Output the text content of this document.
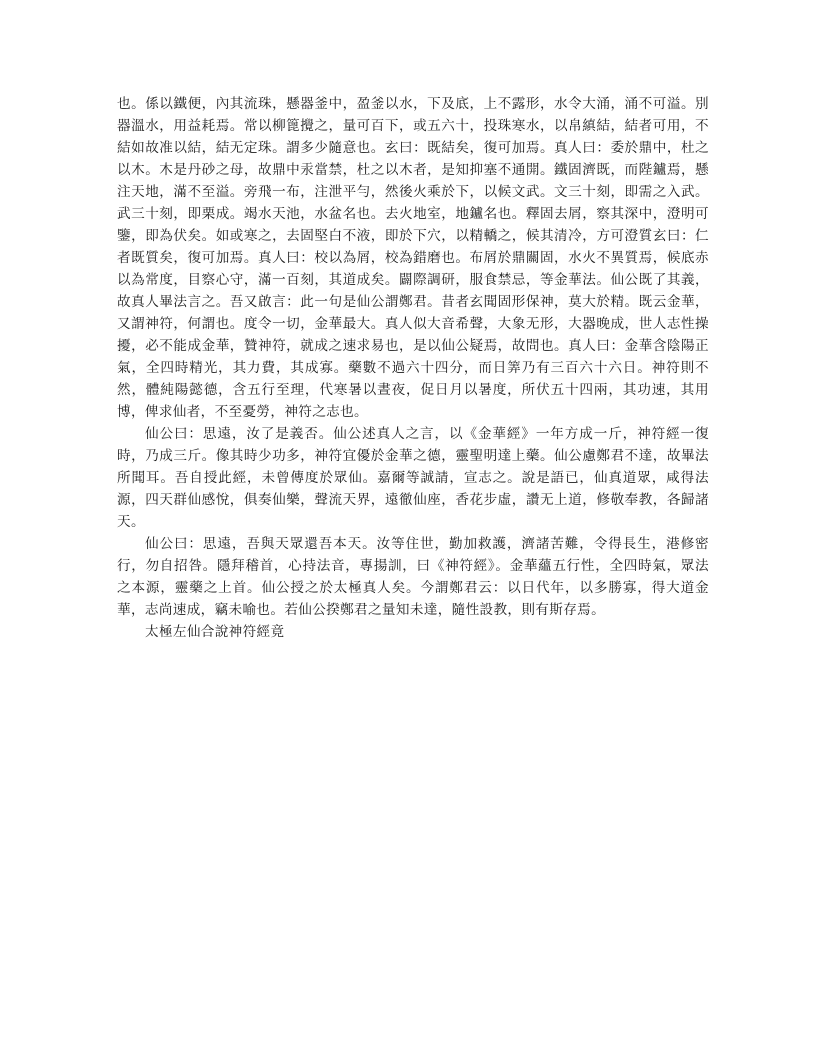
也。係以鐵便，內其流珠，懸器釜中，盈釜以水，下及底，上不露形，水令大涌，涌不可溢。別器溫水，用益耗焉。常以柳篦攪之，量可百下，或五六十，投珠寒水，以帛縝結，結者可用，不結如故准以結，結无定珠。謂多少隨意也。玄曰：既結矣，復可加焉。真人曰：委於鼎中，杜之以木。木是丹砂之母，故鼎中汞當禁，杜之以木者，是知抑塞不通開。鐵固濟既，而陛鑪焉，懸注天地，滿不至溢。旁飛一布，注泄平勻，然後火乘於下，以候文武。文三十刻，即需之入武。武三十刻，即栗成。竭水天池，水盆名也。去火地室，地鑪名也。釋固去屑，察其深中，澄明可鑒，即為伏矣。如或寒之，去固堅白不液，即於下穴，以精轎之，候其清冷，方可澄質玄曰：仁者既質矣，復可加焉。真人曰：校以為屑，校為錯磨也。布屑於鼎關固，水火不異質焉，候底赤以為常度，目察心守，滿一百刻，其道成矣。闢際調研，服食禁忌，等金華法。仙公既了其義，故真人畢法言之。吾又啟言：此一句是仙公謂鄭君。昔者玄聞固形保神，莫大於精。既云金華，又謂神符，何謂也。度令一切，金華最大。真人似大音希聲，大象无形，大器晚成，世人志性操擾，必不能成金華，贊神符，就成之速求易也，是以仙公疑焉，故問也。真人曰：金華含陰陽正氣，全四時精光，其力費，其成寡。藥數不過六十四分，而日筭乃有三百六十六日。神符則不然，體純陽懿德，含五行至理，代寒暑以晝夜，促日月以暑度，所伏五十四兩，其功速，其用博，俾求仙者，不至憂勞，神符之志也。

仙公曰：思遠，汝了是義否。仙公述真人之言，以《金華經》一年方成一斤，神符經一復時，乃成三斤。像其時少功多，神符宜優於金華之德，靈聖明達上藥。仙公慮鄭君不達，故畢法所聞耳。吾自授此經，未曾傳度於眾仙。嘉爾等誠請，宣志之。說是語已，仙真道眾，咸得法源，四天群仙感悅，俱奏仙樂，聲流天界，遠徹仙座，香花步虛，讚无上道，修敬奉教，各歸諸天。

仙公曰：思遠，吾與天眾還吾本天。汝等住世，勤加救護，濟諸苦難，令得長生，港修密行，勿自招咎。隱拜稽首，心持法音，專揚訓，曰《神符經》。金華蘊五行性，全四時氣，眾法之本源，靈藥之上首。仙公授之於太極真人矣。今謂鄭君云：以日代年，以多勝寡，得大道金華，志尚速成，竊未喻也。若仙公揆鄭君之量知未達，隨性設教，則有斯存焉。

太極左仙合說神符經竟
